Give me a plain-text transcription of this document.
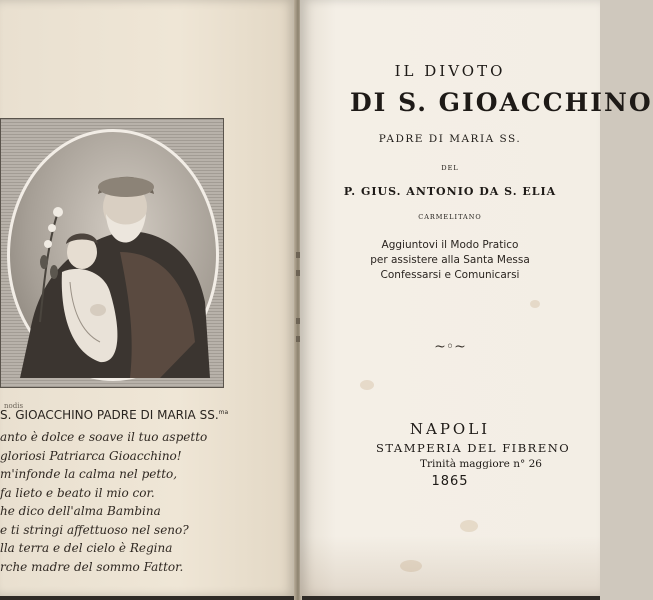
nodis
S. GIOACCHINO PADRE DI MARIA SS.$^{ma}$
anto è dolce e soave il tuo aspetto
gloriosi Patriarca Gioacchino!
m'infonde la calma nel petto,
fa lieto e beato il mio cor.
he dico dell'alma Bambina
e ti stringi affettuoso nel seno?
lla terra e del cielo è Regina
rche madre del sommo Fattor.
IL DIVOTO
DI S. GIOACCHINO
PADRE DI MARIA SS.
DEL
P. GIUS. ANTONIO DA S. ELIA
CARMELITANO
Aggiuntovi il Modo Pratico
per assistere alla Santa Messa
Confessarsi e Comunicarsi
~◦~
NAPOLI
STAMPERIA DEL FIBRENO
Trinità maggiore n° 26
1865
